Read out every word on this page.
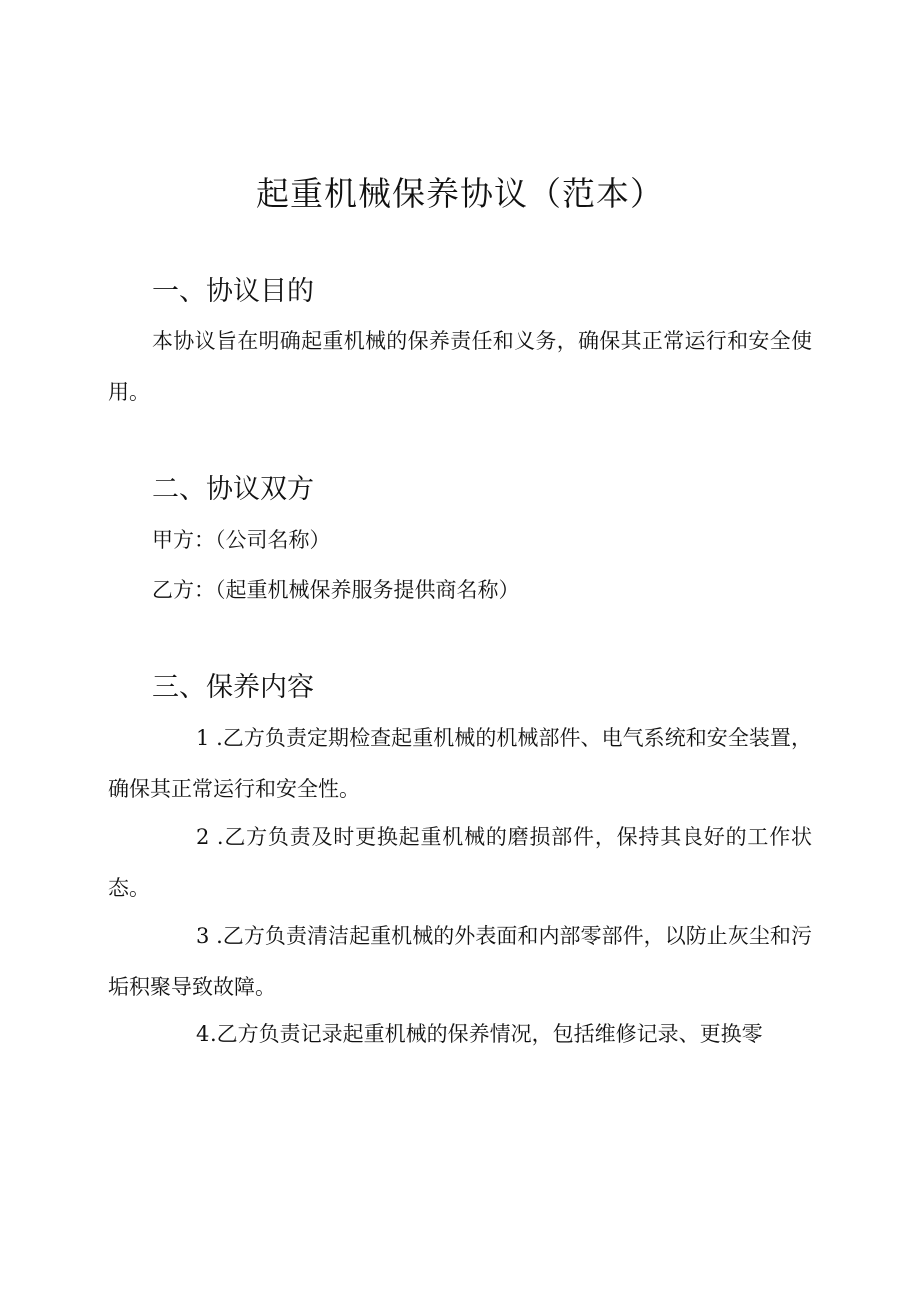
起重机械保养协议（范本）
一、协议目的

本协议旨在明确起重机械的保养责任和义务，确保其正常运行和安全使用。

二、协议双方

甲方：（公司名称）

乙方：（起重机械保养服务提供商名称）

三、保养内容

1 .乙方负责定期检查起重机械的机械部件、电气系统和安全装置，确保其正常运行和安全性。

2 .乙方负责及时更换起重机械的磨损部件，保持其良好的工作状态。

3 .乙方负责清洁起重机械的外表面和内部零部件，以防止灰尘和污垢积聚导致故障。

4.乙方负责记录起重机械的保养情况，包括维修记录、更换零
